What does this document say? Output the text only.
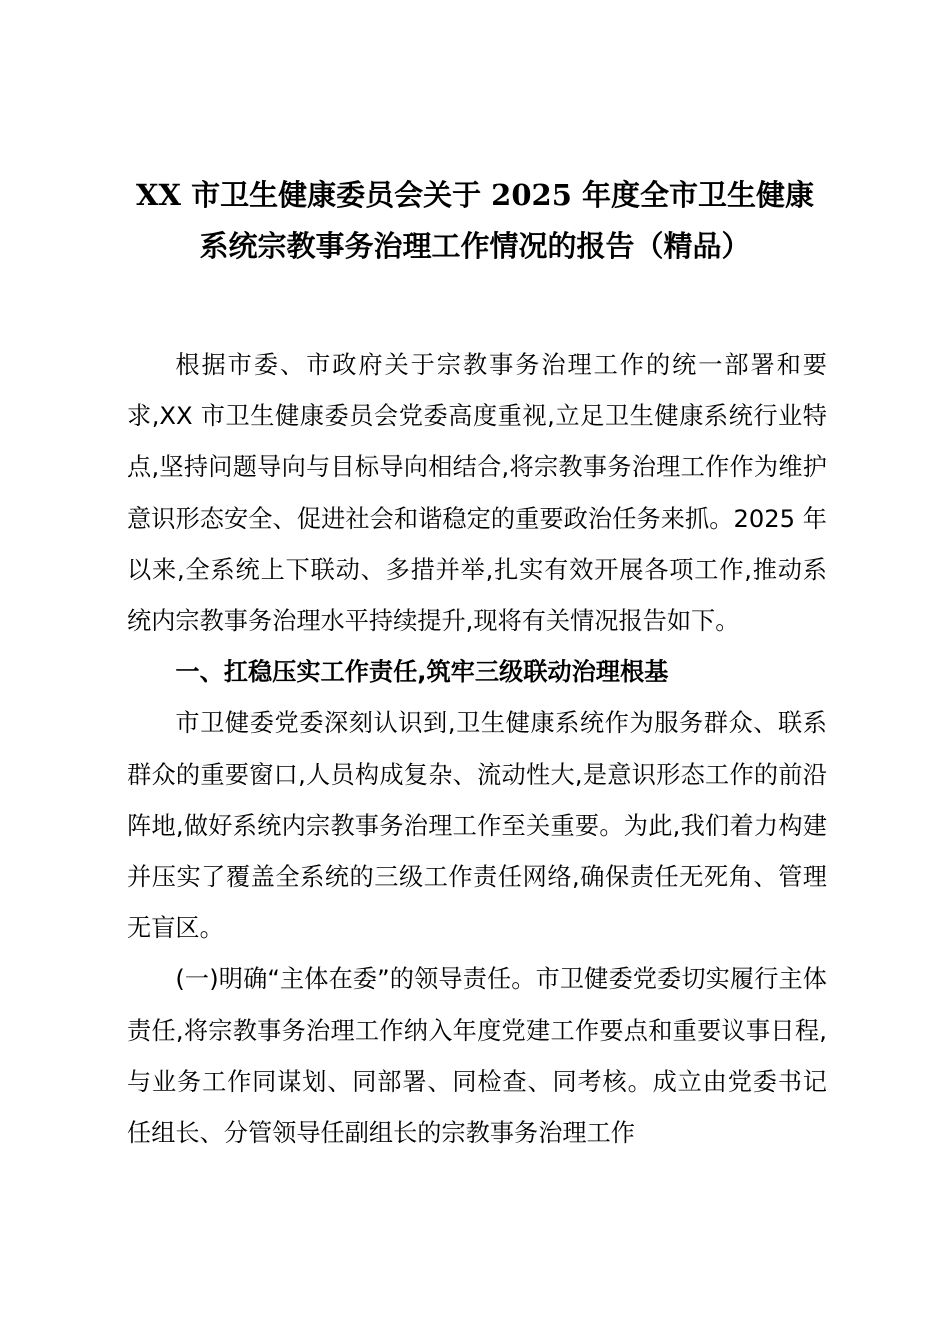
XX 市卫生健康委员会关于 2025 年度全市卫生健康
系统宗教事务治理工作情况的报告（精品）

根据市委、市政府关于宗教事务治理工作的统一部署和要求,XX 市卫生健康委员会党委高度重视,立足卫生健康系统行业特点,坚持问题导向与目标导向相结合,将宗教事务治理工作作为维护意识形态安全、促进社会和谐稳定的重要政治任务来抓。2025 年以来,全系统上下联动、多措并举,扎实有效开展各项工作,推动系统内宗教事务治理水平持续提升,现将有关情况报告如下。

一、扛稳压实工作责任,筑牢三级联动治理根基

市卫健委党委深刻认识到,卫生健康系统作为服务群众、联系群众的重要窗口,人员构成复杂、流动性大,是意识形态工作的前沿阵地,做好系统内宗教事务治理工作至关重要。为此,我们着力构建并压实了覆盖全系统的三级工作责任网络,确保责任无死角、管理无盲区。

(一)明确“主体在委”的领导责任。市卫健委党委切实履行主体责任,将宗教事务治理工作纳入年度党建工作要点和重要议事日程,与业务工作同谋划、同部署、同检查、同考核。成立由党委书记任组长、分管领导任副组长的宗教事务治理工作
